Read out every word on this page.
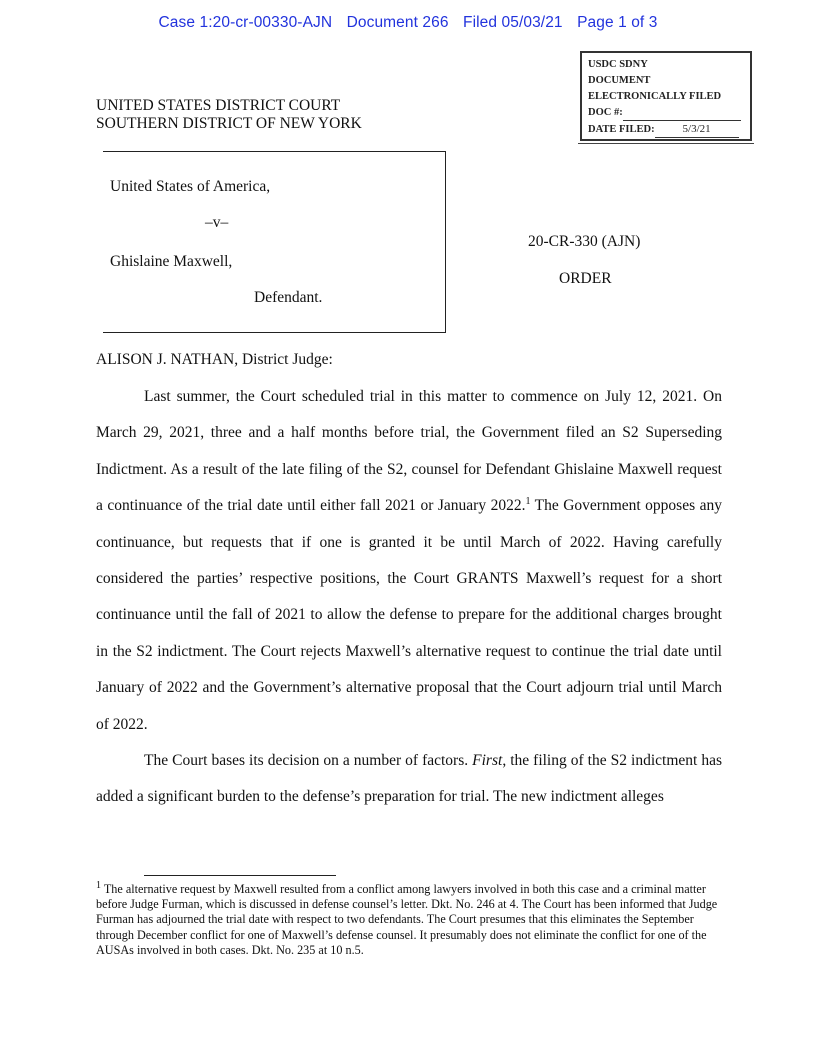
Case 1:20-cr-00330-AJN Document 266 Filed 05/03/21 Page 1 of 3
USDC SDNY
DOCUMENT
ELECTRONICALLY FILED
DOC #:
DATE FILED:	5/3/21
UNITED STATES DISTRICT COURT
SOUTHERN DISTRICT OF NEW YORK
United States of America,
–v–
Ghislaine Maxwell,
Defendant.
20-CR-330 (AJN)
ORDER
ALISON J. NATHAN, District Judge:

Last summer, the Court scheduled trial in this matter to commence on July 12, 2021. On March 29, 2021, three and a half months before trial, the Government filed an S2 Superseding Indictment. As a result of the late filing of the S2, counsel for Defendant Ghislaine Maxwell request a continuance of the trial date until either fall 2021 or January 2022.$^1$ The Government opposes any continuance, but requests that if one is granted it be until March of 2022. Having carefully considered the parties’ respective positions, the Court GRANTS Maxwell’s request for a short continuance until the fall of 2021 to allow the defense to prepare for the additional charges brought in the S2 indictment. The Court rejects Maxwell’s alternative request to continue the trial date until January of 2022 and the Government’s alternative proposal that the Court adjourn trial until March of 2022.

The Court bases its decision on a number of factors. First, the filing of the S2 indictment has added a significant burden to the defense’s preparation for trial. The new indictment alleges

$^1$ The alternative request by Maxwell resulted from a conflict among lawyers involved in both this case and a criminal matter before Judge Furman, which is discussed in defense counsel’s letter. Dkt. No. 246 at 4. The Court has been informed that Judge Furman has adjourned the trial date with respect to two defendants. The Court presumes that this eliminates the September through December conflict for one of Maxwell’s defense counsel. It presumably does not eliminate the conflict for one of the AUSAs involved in both cases. Dkt. No. 235 at 10 n.5.
